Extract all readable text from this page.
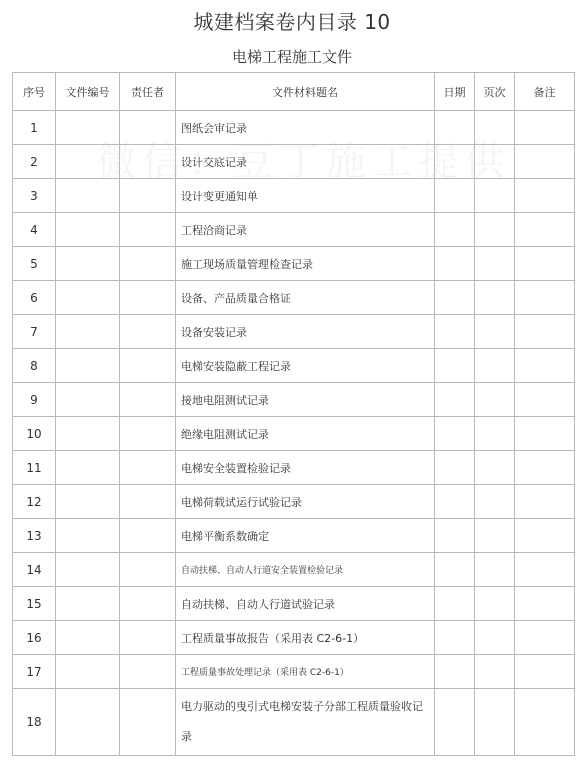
城建档案卷内目录 10
电梯工程施工文件
序号	文件编号	责任者	文件材料题名	日期	页次	备注
1			图纸会审记录			
2			设计交底记录			
3			设计变更通知单			
4			工程洽商记录			
5			施工现场质量管理检查记录			
6			设备、产品质量合格证			
7			设备安装记录			
8			电梯安装隐蔽工程记录			
9			接地电阻测试记录			
10			绝缘电阻测试记录			
11			电梯安全装置检验记录			
12			电梯荷载试运行试验记录			
13			电梯平衡系数确定			
14			自动扶梯、自动人行道安全装置检验记录			
15			自动扶梯、自动人行道试验记录			
16			工程质量事故报告（采用表 C2-6-1）			
17			工程质量事故处理记录（采用表 C2-6-1）			
18			电力驱动的曳引式电梯安装子分部工程质量验收记录			
